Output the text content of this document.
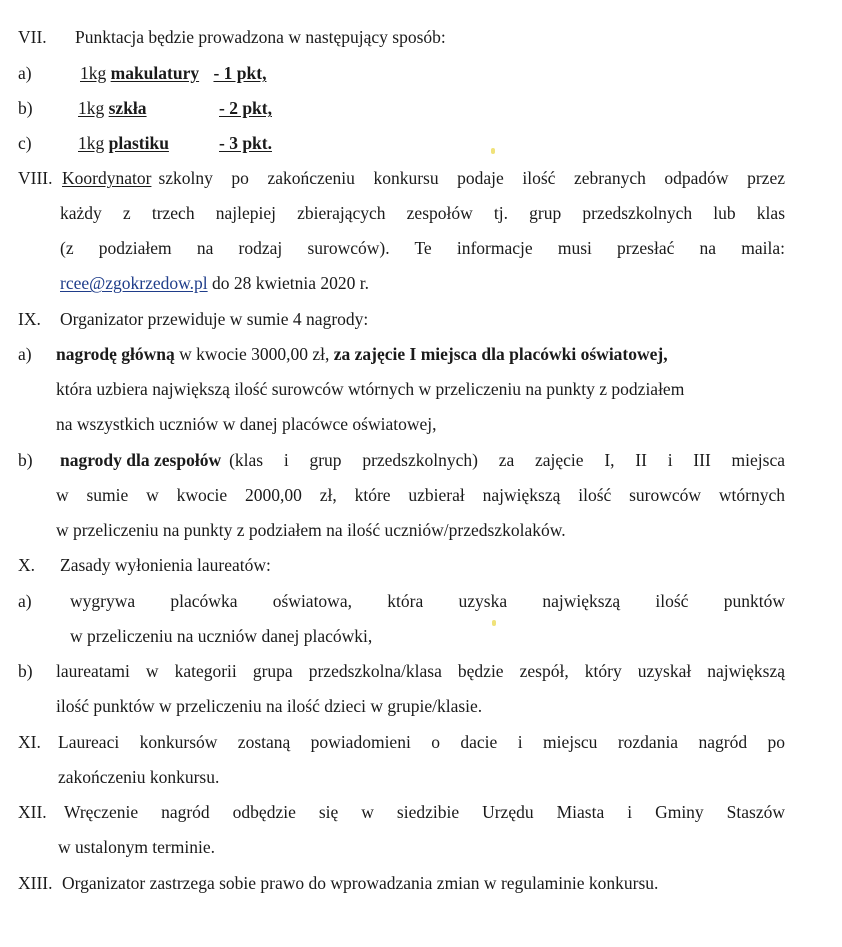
VII. Punktacja będzie prowadzona w następujący sposób:
a)	1kg makulatury - 1 pkt,
b)	1kg szkła	- 2 pkt,
c)	1kg plastiku	- 3 pkt.
VIII. Koordynator szkolny po zakończeniu konkursu podaje ilość zebranych odpadów przez
każdy z trzech najlepiej zbierających zespołów tj. grup przedszkolnych lub klas
(z podziałem na rodzaj surowców). Te informacje musi przesłać na maila:
rcee@zgokrzedow.pl do 28 kwietnia 2020 r.
IX. Organizator przewiduje w sumie 4 nagrody:
a) nagrodę główną w kwocie 3000,00 zł, za zajęcie I miejsca dla placówki oświatowej,
która uzbiera największą ilość surowców wtórnych w przeliczeniu na punkty z podziałem
na wszystkich uczniów w danej placówce oświatowej,
b) nagrody dla zespołów (klas i grup przedszkolnych) za zajęcie I, II i III miejsca
w sumie w kwocie 2000,00 zł, które uzbierał największą ilość surowców wtórnych
w przeliczeniu na punkty z podziałem na ilość uczniów/przedszkolaków.
X. Zasady wyłonienia laureatów:
a) wygrywa placówka oświatowa, która uzyska największą ilość punktów
w przeliczeniu na uczniów danej placówki,
b) laureatami w kategorii grupa przedszkolna/klasa będzie zespół, który uzyskał największą
ilość punktów w przeliczeniu na ilość dzieci w grupie/klasie.
XI. Laureaci konkursów zostaną powiadomieni o dacie i miejscu rozdania nagród po
zakończeniu konkursu.
XII. Wręczenie nagród odbędzie się w siedzibie Urzędu Miasta i Gminy Staszów
w ustalonym terminie.
XIII. Organizator zastrzega sobie prawo do wprowadzania zmian w regulaminie konkursu.
